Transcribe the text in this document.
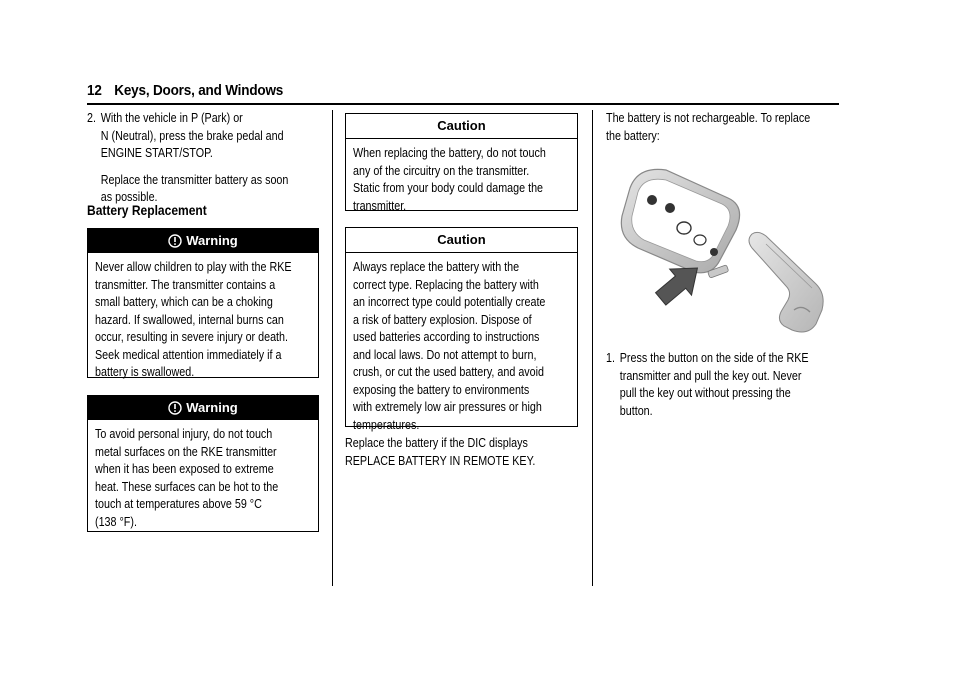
12 Keys, Doors, and Windows
2. With the vehicle in P (Park) or

N (Neutral), press the brake pedal and

ENGINE START/STOP.

Replace the transmitter battery as soon

as possible.

Battery Replacement

Warning

Never allow children to play with the RKE

transmitter. The transmitter contains a

small battery, which can be a choking

hazard. If swallowed, internal burns can

occur, resulting in severe injury or death.

Seek medical attention immediately if a

battery is swallowed.

Warning

To avoid personal injury, do not touch

metal surfaces on the RKE transmitter

when it has been exposed to extreme

heat. These surfaces can be hot to the

touch at temperatures above 59 °C

(138 °F).

Caution

When replacing the battery, do not touch

any of the circuitry on the transmitter.

Static from your body could damage the

transmitter.

Caution

Always replace the battery with the

correct type. Replacing the battery with

an incorrect type could potentially create

a risk of battery explosion. Dispose of

used batteries according to instructions

and local laws. Do not attempt to burn,

crush, or cut the used battery, and avoid

exposing the battery to environments

with extremely low air pressures or high

temperatures.

Replace the battery if the DIC displays

REPLACE BATTERY IN REMOTE KEY.

The battery is not rechargeable. To replace

the battery:

1. Press the button on the side of the RKE

transmitter and pull the key out. Never

pull the key out without pressing the

button.
